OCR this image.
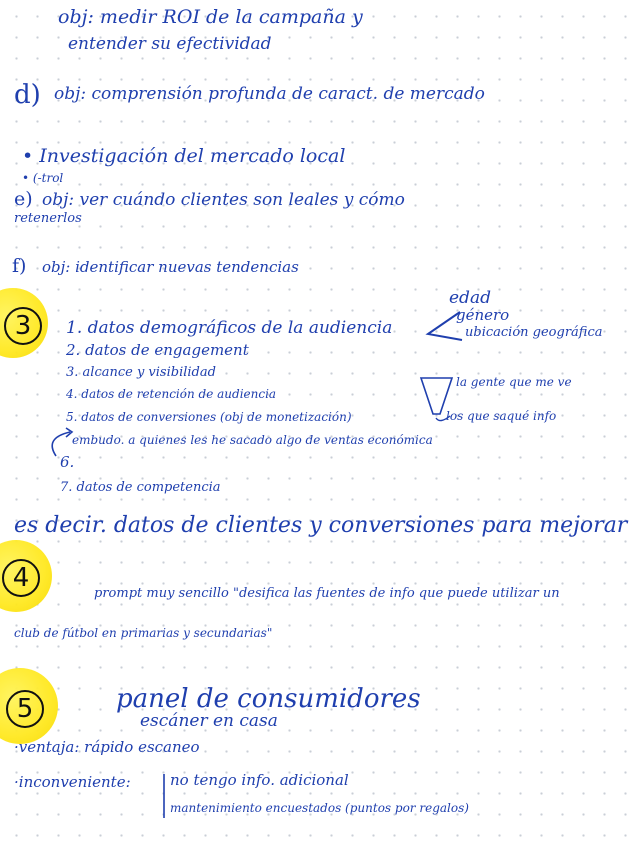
obj: medir ROI de la campaña y
entender su efectividad
d) obj: comprensión profunda de caract. de mercado
• Investigación del mercado local
• (-trol
e) obj: ver cuándo clientes son leales y cómo
retenerlos
f) obj: identificar nuevas tendencias
3	1. datos demográficos de la audiencia
2. datos de engagement
3. alcance y visibilidad
4. datos de retención de audiencia
5. datos de conversiones (obj de monetización)
embudo. a quienes les he sacado algo de ventas económica
6.
7. datos de competencia
edad
género
ubicación geográfica
la gente que me ve
los que saqué info
es decir. datos de clientes y conversiones para mejorar
4
prompt muy sencillo "desifica las fuentes de info que puede utilizar un
club de fútbol en primarias y secundarias"
5	panel de consumidores
escáner en casa
·ventaja: rápido escaneo
·inconveniente:	no tengo info. adicional
mantenimiento encuestados (puntos por regalos)
